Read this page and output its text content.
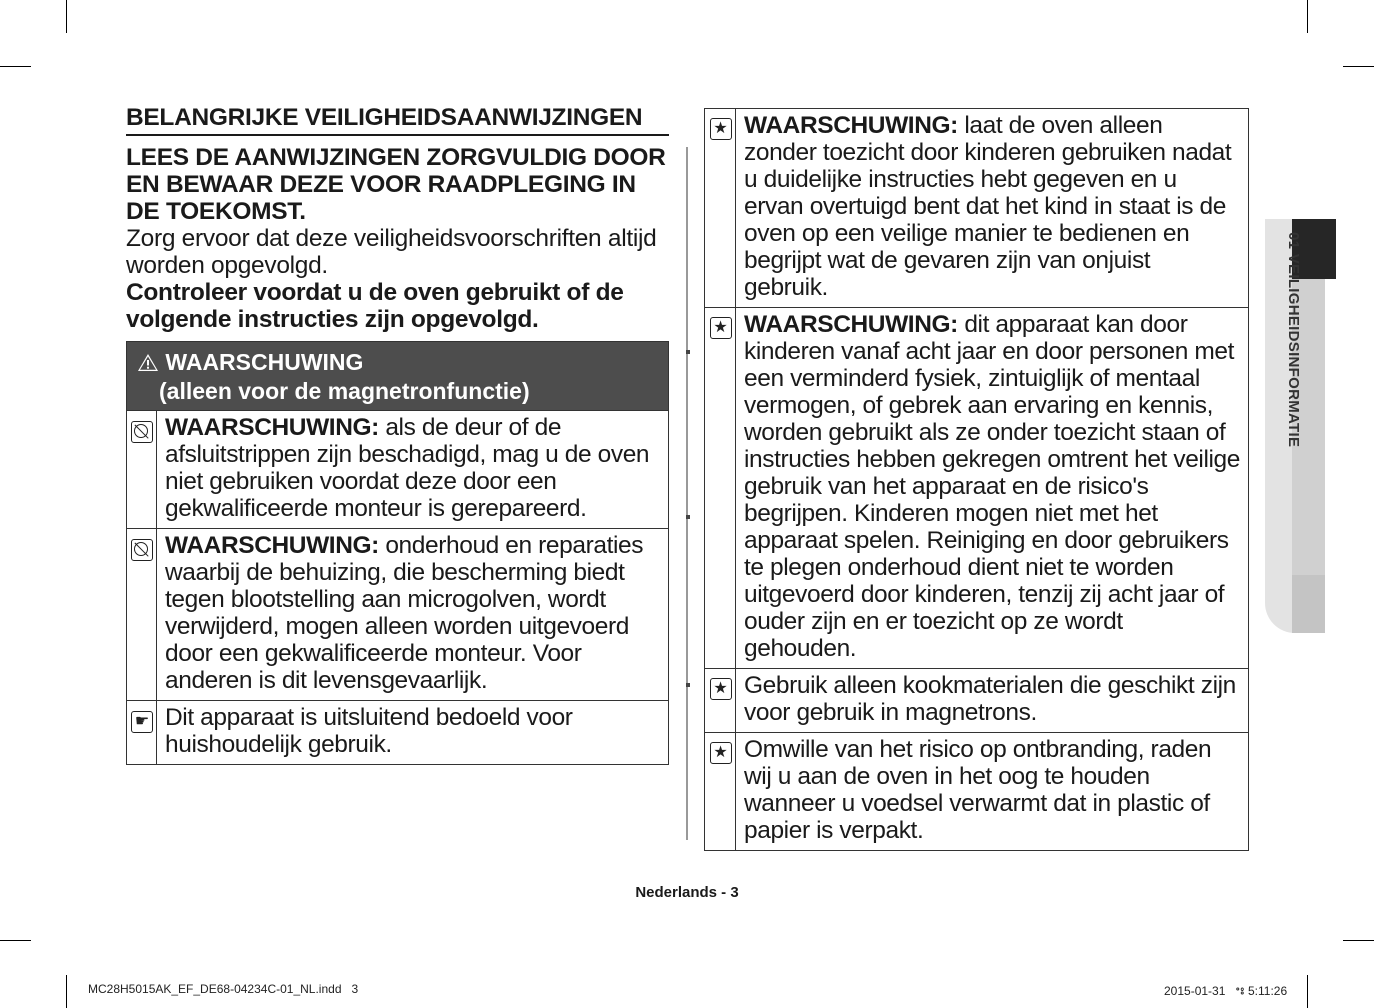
BELANGRIJKE VEILIGHEIDSAANWIJZINGEN
LEES DE AANWIJZINGEN ZORGVULDIG DOOR EN BEWAAR DEZE VOOR RAADPLEGING IN DE TOEKOMST.
Zorg ervoor dat deze veiligheidsvoorschriften altijd worden opgevolgd.
Controleer voordat u de oven gebruikt of de volgende instructies zijn opgevolgd.
WAARSCHUWING
(alleen voor de magnetronfunctie)	

	WAARSCHUWING: als de deur of de afsluitstrippen zijn beschadigd, mag u de oven niet gebruiken voordat deze door een gekwalificeerde monteur is gerepareerd.
	WAARSCHUWING: onderhoud en reparaties waarbij de behuizing, die bescherming biedt tegen blootstelling aan microgolven, wordt verwijderd, mogen alleen worden uitgevoerd door een gekwalificeerde monteur. Voor anderen is dit levensgevaarlijk.
☛	Dit apparaat is uitsluitend bedoeld voor huishoudelijk gebruik.
★	WAARSCHUWING: laat de oven alleen zonder toezicht door kinderen gebruiken nadat u duidelijke instructies hebt gegeven en u ervan overtuigd bent dat het kind in staat is de oven op een veilige manier te bedienen en begrijpt wat de gevaren zijn van onjuist gebruik.
★	WAARSCHUWING: dit apparaat kan door kinderen vanaf acht jaar en door personen met een verminderd fysiek, zintuiglijk of mentaal vermogen, of gebrek aan ervaring en kennis, worden gebruikt als ze onder toezicht staan of instructies hebben gekregen omtrent het veilige gebruik van het apparaat en de risico's begrijpen. Kinderen mogen niet met het apparaat spelen. Reiniging en door gebruikers te plegen onderhoud dient niet te worden uitgevoerd door kinderen, tenzij zij acht jaar of ouder zijn en er toezicht op ze wordt gehouden.
★	Gebruik alleen kookmaterialen die geschikt zijn voor gebruik in magnetrons.
★	Omwille van het risico op ontbranding, raden wij u aan de oven in het oog te houden wanneer u voedsel verwarmt dat in plastic of papier is verpakt.
01 VEILIGHEIDSINFORMATIE
Nederlands - 3
MC28H5015AK_EF_DE68-04234C-01_NL.indd   3	2015-01-31   ꢀꢁ 5:11:26
